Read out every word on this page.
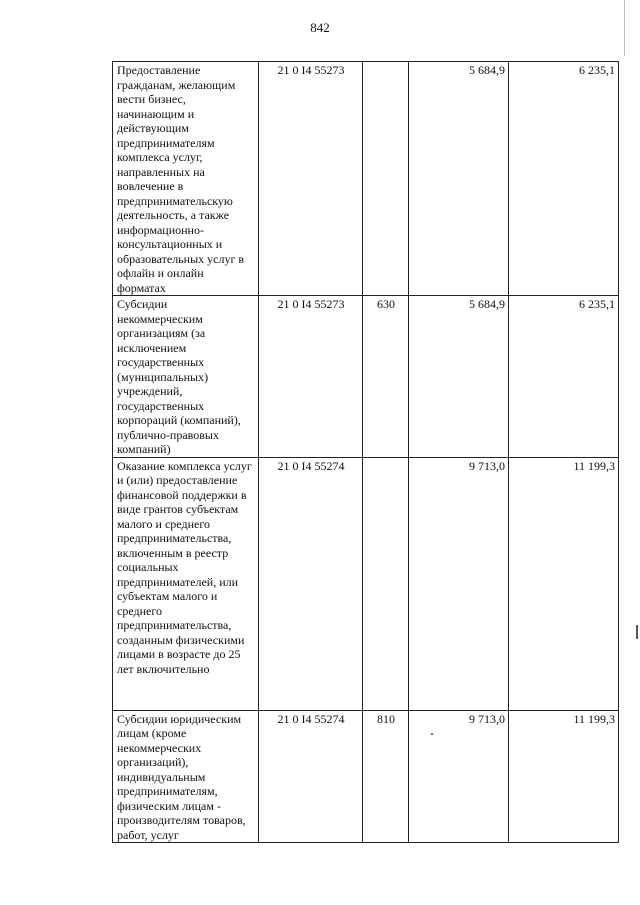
842
Предоставление гражданам, желающим вести бизнес, начинающим и действующим предпринимателям комплекса услуг, направленных на вовлечение в предпринимательскую деятельность, а также информационно-консультационных и образовательных услуг в офлайн и онлайн форматах	21 0 I4 55273		5 684,9	6 235,1
Субсидии некоммерческим организациям (за исключением государственных (муниципальных) учреждений, государственных корпораций (компаний), публично-правовых компаний)	21 0 I4 55273	630	5 684,9	6 235,1
Оказание комплекса услуг и (или) предоставление финансовой поддержки в виде грантов субъектам малого и среднего предпринимательства, включенным в реестр социальных предпринимателей, или субъектам малого и среднего предпринимательства, созданным физическими лицами в возрасте до 25 лет включительно	21 0 I4 55274		9 713,0	11 199,3
Субсидии юридическим лицам (кроме некоммерческих организаций), индивидуальным предпринимателям, физическим лицам - производителям товаров, работ, услуг	21 0 I4 55274	810	9 713,0	11 199,3
